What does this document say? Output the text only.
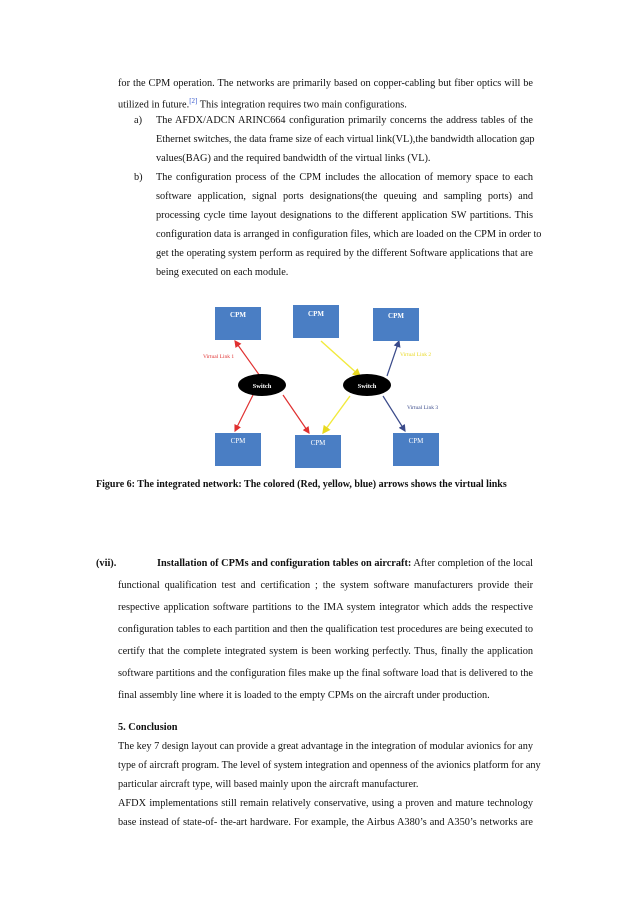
for the CPM operation. The networks are primarily based on copper-cabling but fiber optics will be
utilized in future.[2] This integration requires two main configurations.
a) The AFDX/ADCN ARINC664 configuration primarily concerns the address tables of the
Ethernet switches, the data frame size of each virtual link(VL),the bandwidth allocation gap
values(BAG) and the required bandwidth of the virtual links (VL).
b) The configuration process of the CPM includes the allocation of memory space to each
software application, signal ports designations(the queuing and sampling ports) and
processing cycle time layout designations to the different application SW partitions. This
configuration data is arranged in configuration files, which are loaded on the CPM in order to
get the operating system perform as required by the different Software applications that are
being executed on each module.
CPM	CPM	CPM
CPM	CPM	CPM
Switch	Switch
Virtual Link 1	Virtual Link 2
Virtual Link 3
Figure 6: The integrated network: The colored (Red, yellow, blue) arrows shows the virtual links
(vii).	Installation of CPMs and configuration tables on aircraft: After completion of the local
functional qualification test and certification ; the system software manufacturers provide their
respective application software partitions to the IMA system integrator which adds the respective
configuration tables to each partition and then the qualification test procedures are being executed to
certify that the complete integrated system is been working perfectly. Thus, finally the application
software partitions and the configuration files make up the final software load that is delivered to the
final assembly line where it is loaded to the empty CPMs on the aircraft under production.
5. Conclusion
The key 7 design layout can provide a great advantage in the integration of modular avionics for any
type of aircraft program. The level of system integration and openness of the avionics platform for any
particular aircraft type, will based mainly upon the aircraft manufacturer.
AFDX implementations still remain relatively conservative, using a proven and mature technology
base instead of state-of- the-art hardware. For example, the Airbus A380’s and A350’s networks are
